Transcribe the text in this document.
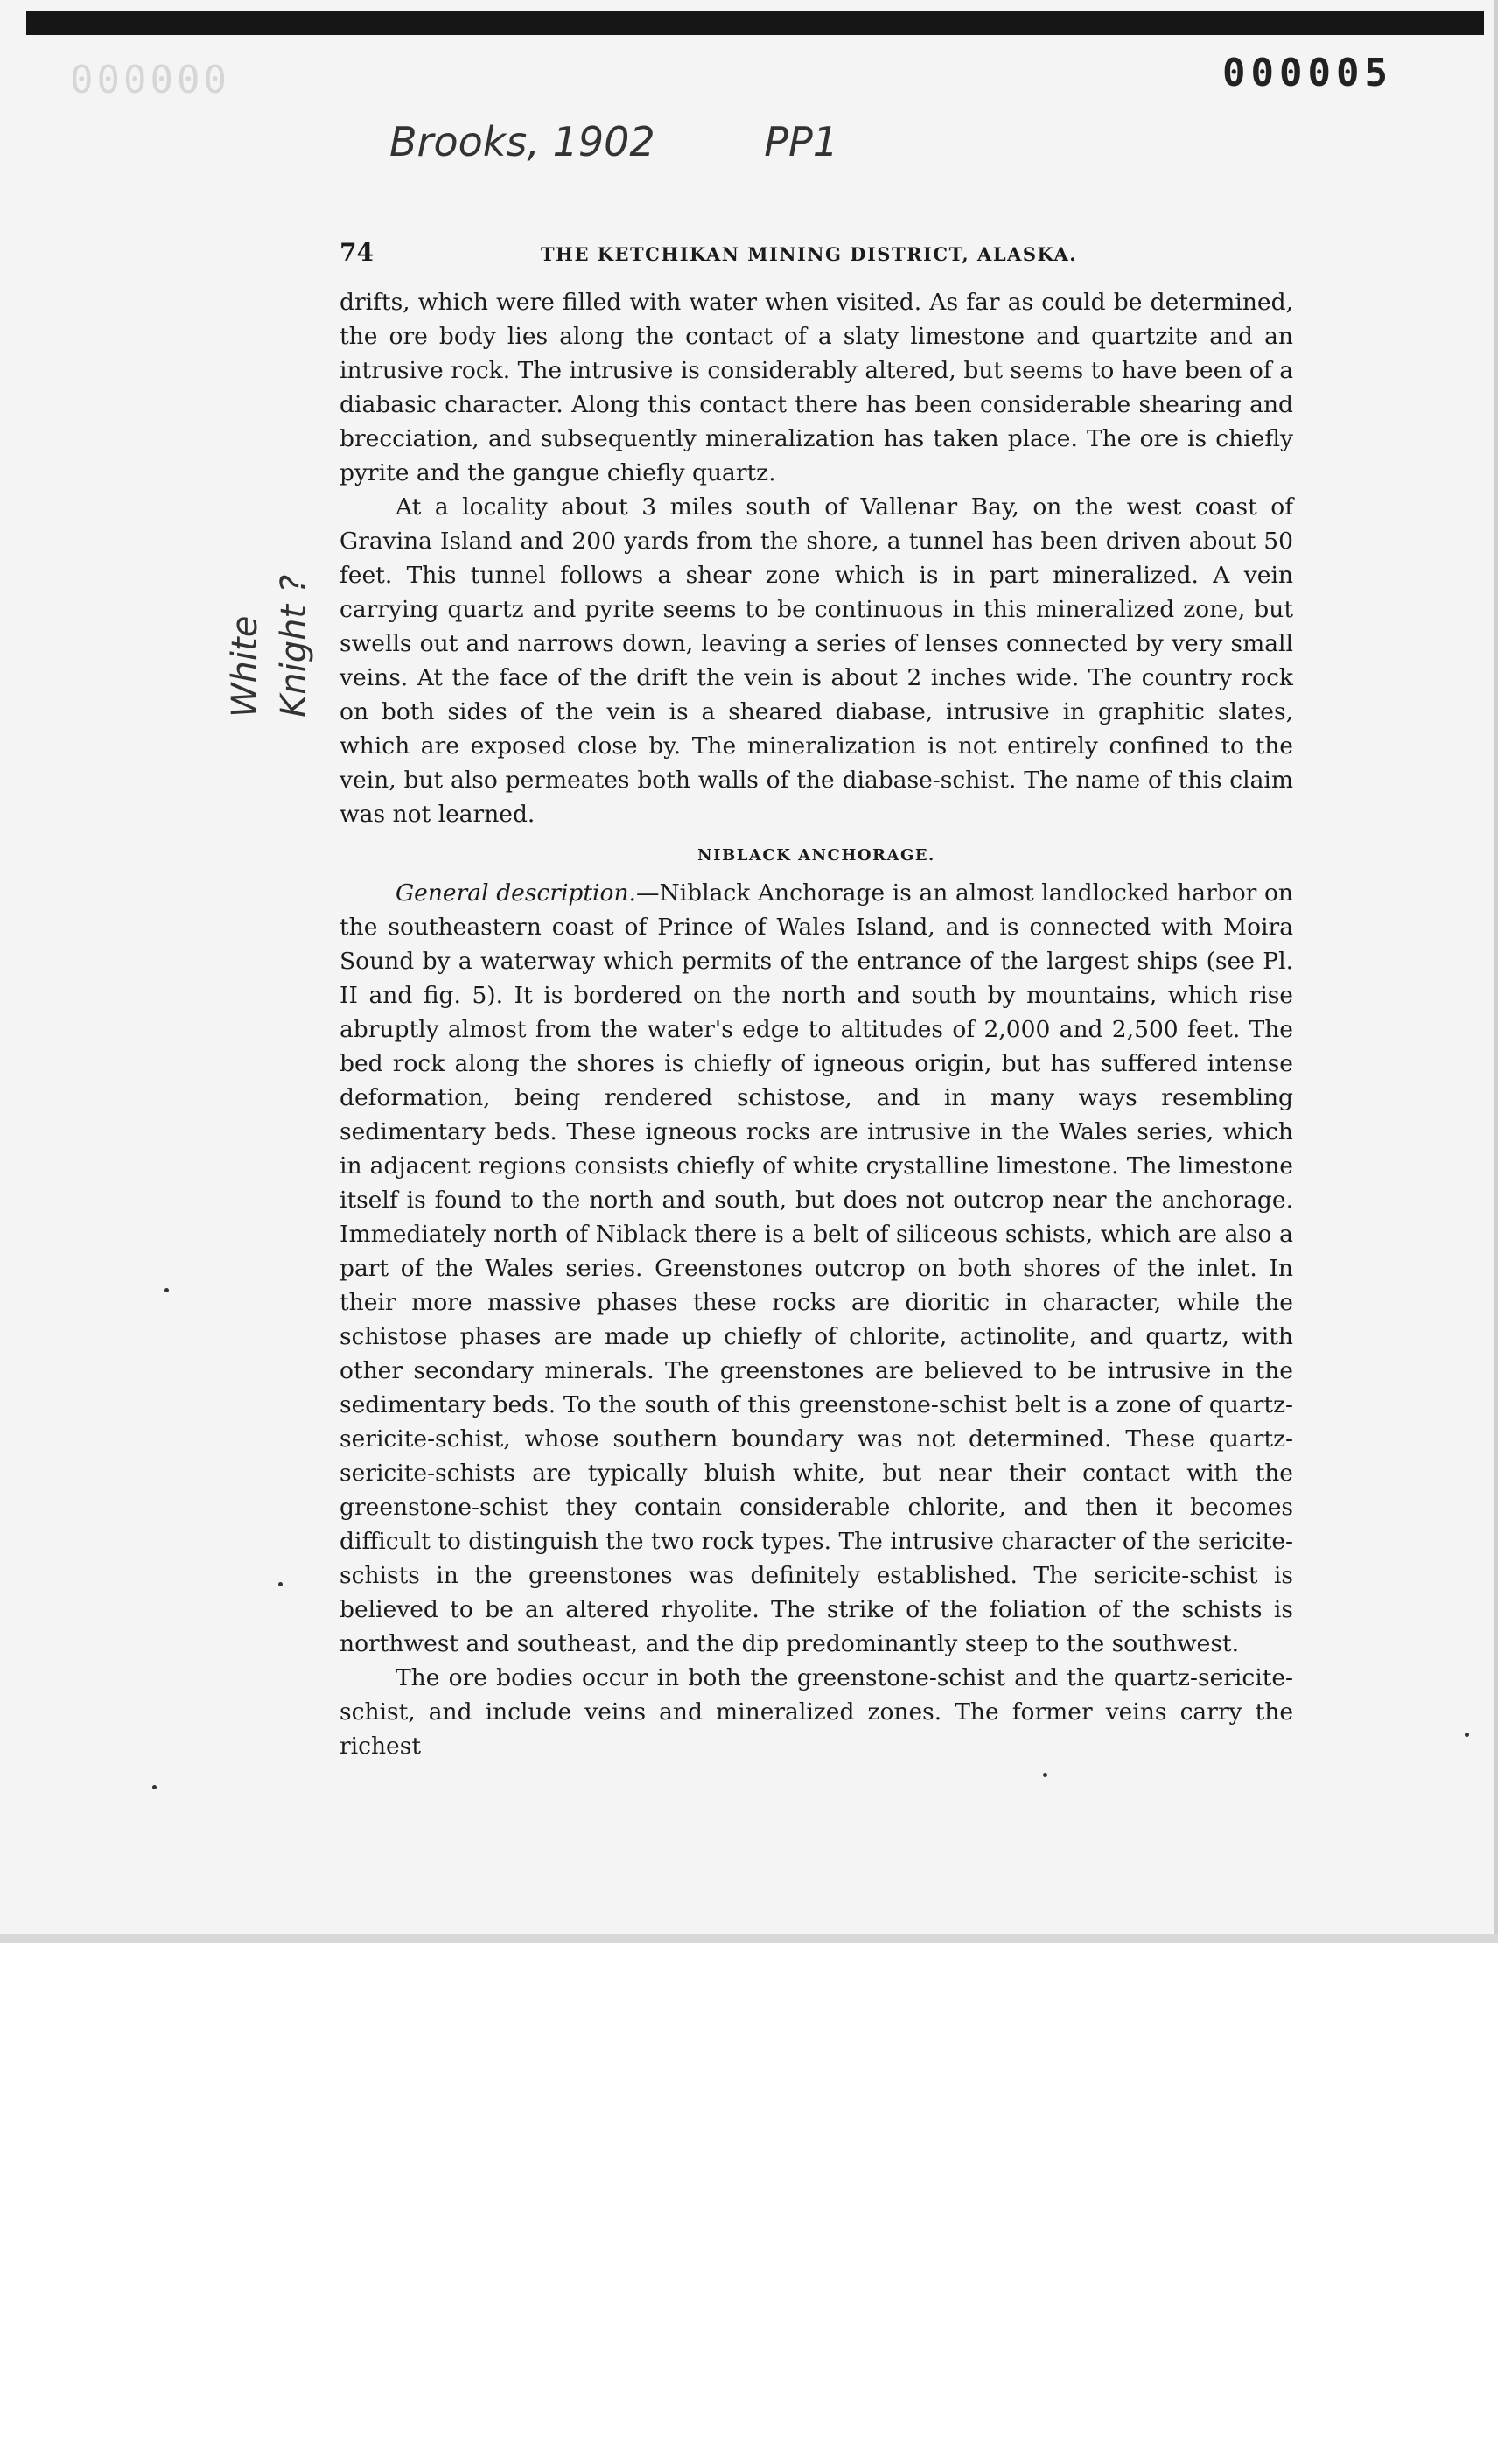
000000	000005
Brooks, 1902	PP1
White Knight ?
74	THE KETCHIKAN MINING DISTRICT, ALASKA.

drifts, which were filled with water when visited. As far as could be determined, the ore body lies along the contact of a slaty limestone and quartzite and an intrusive rock. The intrusive is considerably altered, but seems to have been of a diabasic character. Along this contact there has been considerable shearing and brecciation, and subsequently mineralization has taken place. The ore is chiefly pyrite and the gangue chiefly quartz.

At a locality about 3 miles south of Vallenar Bay, on the west coast of Gravina Island and 200 yards from the shore, a tunnel has been driven about 50 feet. This tunnel follows a shear zone which is in part mineralized. A vein carrying quartz and pyrite seems to be continuous in this mineralized zone, but swells out and narrows down, leaving a series of lenses connected by very small veins. At the face of the drift the vein is about 2 inches wide. The country rock on both sides of the vein is a sheared diabase, intrusive in graphitic slates, which are exposed close by. The mineralization is not entirely confined to the vein, but also permeates both walls of the diabase-schist. The name of this claim was not learned.

NIBLACK ANCHORAGE.

General description.—Niblack Anchorage is an almost landlocked harbor on the southeastern coast of Prince of Wales Island, and is connected with Moira Sound by a waterway which permits of the entrance of the largest ships (see Pl. II and fig. 5). It is bordered on the north and south by mountains, which rise abruptly almost from the water's edge to altitudes of 2,000 and 2,500 feet. The bed rock along the shores is chiefly of igneous origin, but has suffered intense deformation, being rendered schistose, and in many ways resembling sedimentary beds. These igneous rocks are intrusive in the Wales series, which in adjacent regions consists chiefly of white crystalline limestone. The limestone itself is found to the north and south, but does not outcrop near the anchorage. Immediately north of Niblack there is a belt of siliceous schists, which are also a part of the Wales series. Greenstones outcrop on both shores of the inlet. In their more massive phases these rocks are dioritic in character, while the schistose phases are made up chiefly of chlorite, actinolite, and quartz, with other secondary minerals. The greenstones are believed to be intrusive in the sedimentary beds. To the south of this greenstone-schist belt is a zone of quartz-sericite-schist, whose southern boundary was not determined. These quartz-sericite-schists are typically bluish white, but near their contact with the greenstone-schist they contain considerable chlorite, and then it becomes difficult to distinguish the two rock types. The intrusive character of the sericite-schists in the greenstones was definitely established. The sericite-schist is believed to be an altered rhyolite. The strike of the foliation of the schists is northwest and southeast, and the dip predominantly steep to the southwest.

The ore bodies occur in both the greenstone-schist and the quartz-sericite-schist, and include veins and mineralized zones. The former veins carry the richest
